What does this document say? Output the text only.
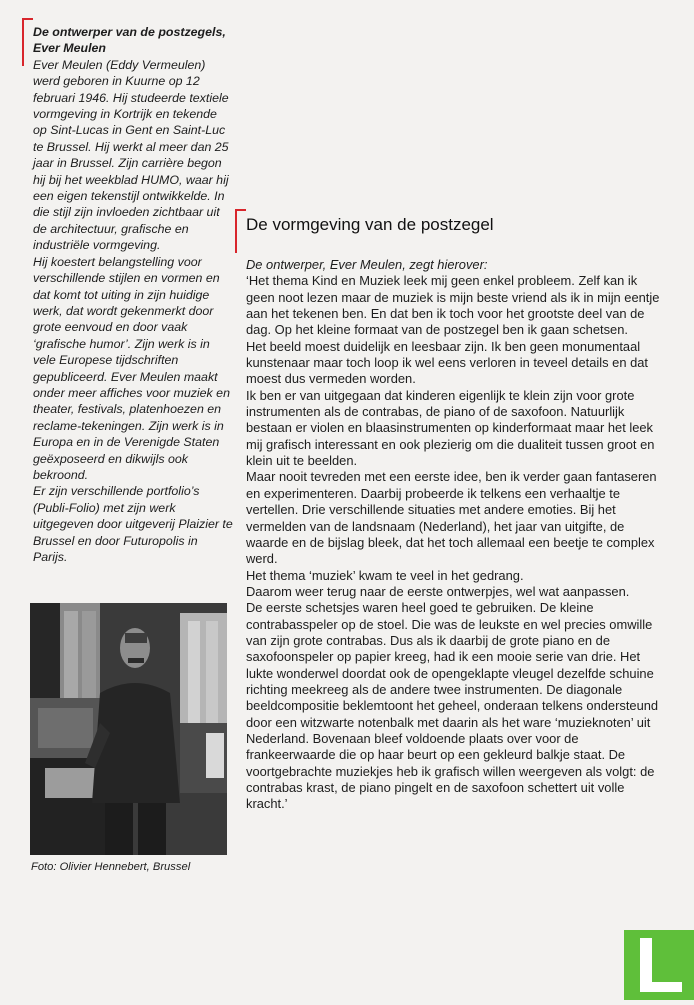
De ontwerper van de postzegels,
Ever Meulen

Ever Meulen (Eddy Vermeulen) werd geboren in Kuurne op 12 februari 1946. Hij studeerde textiele vormgeving in Kortrijk en tekende op Sint-Lucas in Gent en Saint-Luc te Brussel. Hij werkt al meer dan 25 jaar in Brussel. Zijn carrière begon hij bij het weekblad HUMO, waar hij een eigen tekenstijl ontwikkelde. In die stijl zijn invloeden zichtbaar uit de architectuur, grafische en industriële vormgeving.

Hij koestert belangstelling voor verschillende stijlen en vormen en dat komt tot uiting in zijn huidige werk, dat wordt gekenmerkt door grote eenvoud en door vaak ‘grafische humor’. Zijn werk is in vele Europese tijdschriften gepubliceerd. Ever Meulen maakt onder meer affiches voor muziek en theater, festivals, platenhoezen en reclame-tekeningen. Zijn werk is in Europa en in de Verenigde Staten geëxposeerd en dikwijls ook bekroond.

Er zijn verschillende portfolio’s (Publi-Folio) met zijn werk uitgegeven door uitgeverij Plaizier te Brussel en door Futuropolis in Parijs.

Foto: Olivier Hennebert, Brussel
De vormgeving van de postzegel

De ontwerper, Ever Meulen, zegt hierover:

‘Het thema Kind en Muziek leek mij geen enkel probleem. Zelf kan ik geen noot lezen maar de muziek is mijn beste vriend als ik in mijn eentje aan het tekenen ben. En dat ben ik toch voor het grootste deel van de dag. Op het kleine formaat van de postzegel ben ik gaan schetsen.

Het beeld moest duidelijk en leesbaar zijn. Ik ben geen monumentaal kunstenaar maar toch loop ik wel eens verloren in teveel details en dat moest dus vermeden worden.

Ik ben er van uitgegaan dat kinderen eigenlijk te klein zijn voor grote instrumenten als de contrabas, de piano of de saxofoon. Natuurlijk bestaan er violen en blaasinstrumenten op kinderformaat maar het leek mij grafisch interessant en ook plezierig om die dualiteit tussen groot en klein uit te beelden.

Maar nooit tevreden met een eerste idee, ben ik verder gaan fantaseren en experimenteren. Daarbij probeerde ik telkens een verhaaltje te vertellen. Drie verschillende situaties met andere emoties. Bij het vermelden van de landsnaam (Nederland), het jaar van uitgifte, de waarde en de bijslag bleek, dat het toch allemaal een beetje te complex werd.

Het thema ‘muziek’ kwam te veel in het gedrang.

Daarom weer terug naar de eerste ontwerpjes, wel wat aanpassen.

De eerste schetsjes waren heel goed te gebruiken. De kleine contrabasspeler op de stoel. Die was de leukste en wel precies omwille van zijn grote contrabas. Dus als ik daarbij de grote piano en de saxofoonspeler op papier kreeg, had ik een mooie serie van drie. Het lukte wonderwel doordat ook de opengeklapte vleugel dezelfde schuine richting meekreeg als de andere twee instrumenten. De diagonale beeldcompositie beklemtoont het geheel, onderaan telkens ondersteund door een witzwarte notenbalk met daarin als het ware ‘muzieknoten’ uit Nederland. Bovenaan bleef voldoende plaats over voor de frankeerwaarde die op haar beurt op een gekleurd balkje staat. De voortgebrachte muziekjes heb ik grafisch willen weergeven als volgt: de contrabas krast, de piano pingelt en de saxofoon schettert uit volle kracht.’
